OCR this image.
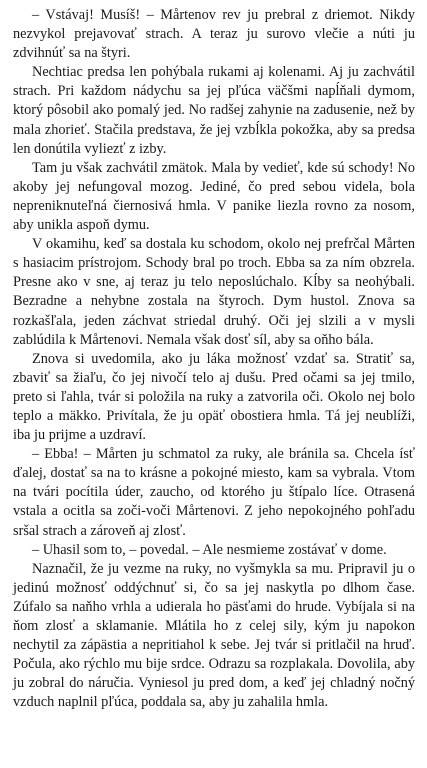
– Vstávaj! Musíš! – Mårtenov rev ju prebral z driemot. Nikdy nezvykol prejavovať strach. A teraz ju surovo vlečie a núti ju zdvihnúť sa na štyri.

Nechtiac predsa len pohýbala rukami aj kolenami. Aj ju zachvátil strach. Pri každom nádychu sa jej pľúca väčšmi napĺňali dymom, ktorý pôsobil ako pomalý jed. No radšej zahynie na zadusenie, než by mala zhorieť. Stačila predstava, že jej vzbĺkla pokožka, aby sa predsa len donútila vyliezť z izby.

Tam ju však zachvátil zmätok. Mala by vedieť, kde sú schody! No akoby jej nefungoval mozog. Jediné, čo pred sebou videla, bola nepreniknuteľná čiernosivá hmla. V panike liezla rovno za nosom, aby unikla aspoň dymu.

V okamihu, keď sa dostala ku schodom, okolo nej prefrčal Mårten s hasiacim prístrojom. Schody bral po troch. Ebba sa za ním obzrela. Presne ako v sne, aj teraz ju telo neposlúchalo. Kĺby sa neohýbali. Bezradne a nehybne zostala na štyroch. Dym hustol. Znova sa rozkašľala, jeden záchvat striedal druhý. Oči jej slzili a v mysli zablúdila k Mårtenovi. Nemala však dosť síl, aby sa oňho bála.

Znova si uvedomila, ako ju láka možnosť vzdať sa. Stratiť sa, zbaviť sa žiaľu, čo jej nivočí telo aj dušu. Pred očami sa jej tmilo, preto si ľahla, tvár si položila na ruky a zatvorila oči. Okolo nej bolo teplo a mäkko. Privítala, že ju opäť obostiera hmla. Tá jej neublíži, iba ju prijme a uzdraví.

– Ebba! – Mårten ju schmatol za ruky, ale bránila sa. Chcela ísť ďalej, dostať sa na to krásne a pokojné miesto, kam sa vybrala. Vtom na tvári pocítila úder, zaucho, od ktorého ju štípalo líce. Otrasená vstala a ocitla sa zoči-voči Mårtenovi. Z jeho nepokojného pohľadu sršal strach a zároveň aj zlosť.

– Uhasil som to, – povedal. – Ale nesmieme zostávať v dome.

Naznačil, že ju vezme na ruky, no vyšmykla sa mu. Pripravil ju o jedinú možnosť oddýchnuť si, čo sa jej naskytla po dlhom čase. Zúfalo sa naňho vrhla a udierala ho päsťami do hrude. Vybíjala si na ňom zlosť a sklamanie. Mlátila ho z celej sily, kým ju napokon nechytil za zápästia a nepritiahol k sebe. Jej tvár si pritlačil na hruď. Počula, ako rýchlo mu bije srdce. Odrazu sa rozplakala. Dovolila, aby ju zobral do náručia. Vyniesol ju pred dom, a keď jej chladný nočný vzduch naplnil pľúca, poddala sa, aby ju zahalila hmla.
